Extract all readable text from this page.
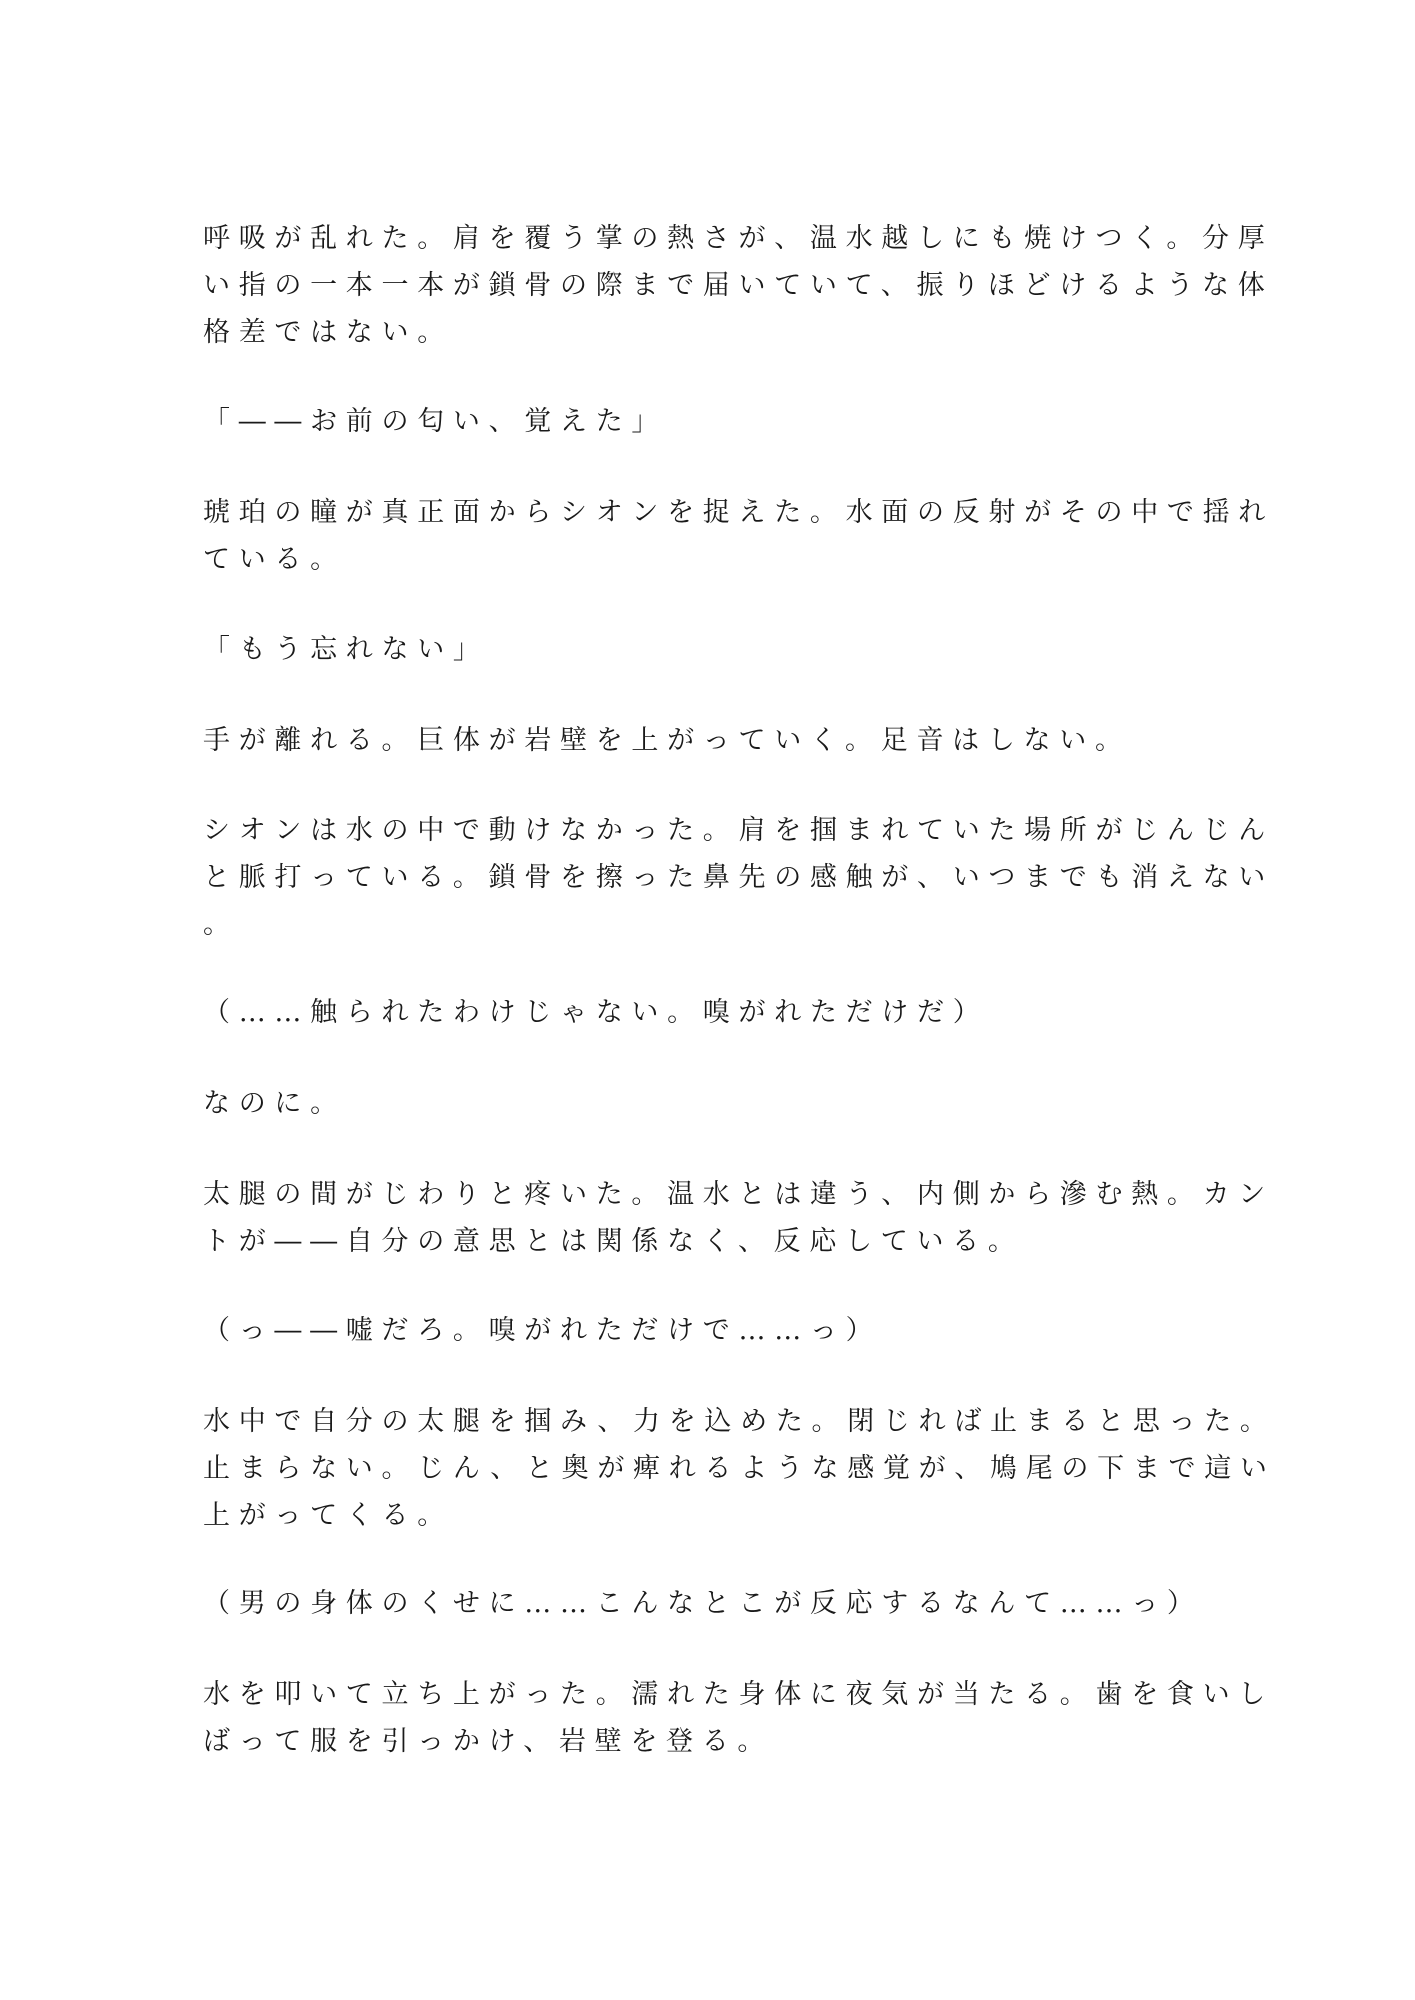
呼吸が乱れた。肩を覆う掌の熱さが、温水越しにも焼けつく。分厚

い指の一本一本が鎖骨の際まで届いていて、振りほどけるような体

格差ではない。

「――お前の匂い、覚えた」

琥珀の瞳が真正面からシオンを捉えた。水面の反射がその中で揺れ

ている。

「もう忘れない」

手が離れる。巨体が岩壁を上がっていく。足音はしない。

シオンは水の中で動けなかった。肩を掴まれていた場所がじんじん

と脈打っている。鎖骨を擦った鼻先の感触が、いつまでも消えない

。

（……触られたわけじゃない。嗅がれただけだ）

なのに。

太腿の間がじわりと疼いた。温水とは違う、内側から滲む熱。カン

トが――自分の意思とは関係なく、反応している。

（っ――嘘だろ。嗅がれただけで……っ）

水中で自分の太腿を掴み、力を込めた。閉じれば止まると思った。

止まらない。じん、と奥が痺れるような感覚が、鳩尾の下まで這い

上がってくる。

（男の身体のくせに……こんなとこが反応するなんて……っ）

水を叩いて立ち上がった。濡れた身体に夜気が当たる。歯を食いし

ばって服を引っかけ、岩壁を登る。
